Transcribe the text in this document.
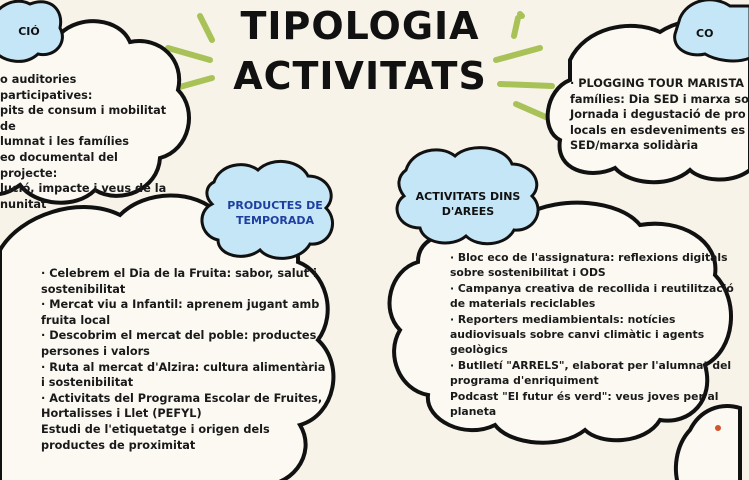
TIPOLOGIA
ACTIVITATS
CIÓ	CO
PRODUCTES DE
TEMPORADA
ACTIVITATS DINS
D'AREES
o auditories participatives:
pits de consum i mobilitat de
lumnat i les famílies
eo documental del projecte:
lució, impacte i veus de la
nunitat
· PLOGGING TOUR MARISTA
famílies: Dia SED i marxa so
Jornada i degustació de pro
locals en esdeveniments es
SED/marxa solidària
· Celebrem el Dia de la Fruita: sabor, salut i
sostenibilitat
· Mercat viu a Infantil: aprenem jugant amb
fruita local
· Descobrim el mercat del poble: productes,
persones i valors
· Ruta al mercat d'Alzira: cultura alimentària
i sostenibilitat
· Activitats del Programa Escolar de Fruites,
Hortalisses i Llet (PEFYL)
Estudi de l'etiquetatge i origen dels
productes de proximitat
· Bloc eco de l'assignatura: reflexions digitals
sobre sostenibilitat i ODS
· Campanya creativa de recollida i reutilització
de materials reciclables
· Reporters mediambientals: notícies
audiovisuals sobre canvi climàtic i agents
geològics
· Butlletí "ARRELS", elaborat per l'alumnat del
programa d'enriquiment
Podcast "El futur és verd": veus joves per al
planeta
